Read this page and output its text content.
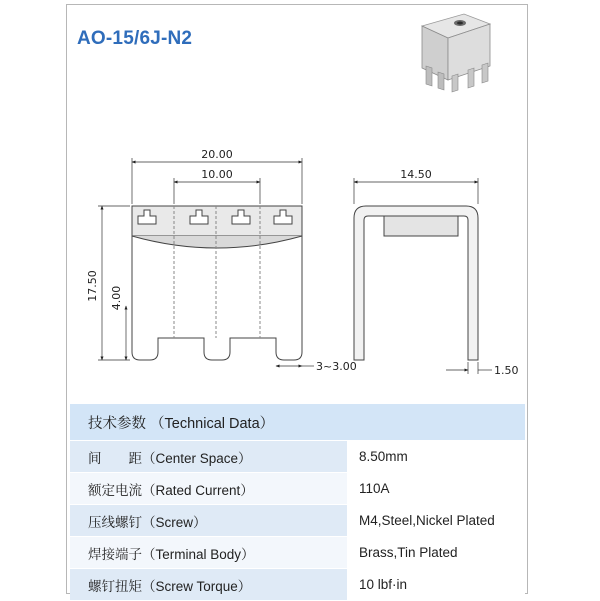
AO-15/6J-N2
20.00
10.00
17.50 4.00
3~3.00
14.50
1.50
技术参数 （Technical Data）
间　　距（Center Space）	8.50mm
额定电流（Rated Current）	110A
压线螺钉（Screw）	M4,Steel,Nickel Plated
焊接端子（Terminal Body）	Brass,Tin Plated
螺钉扭矩（Screw Torque）	10 lbf·in
